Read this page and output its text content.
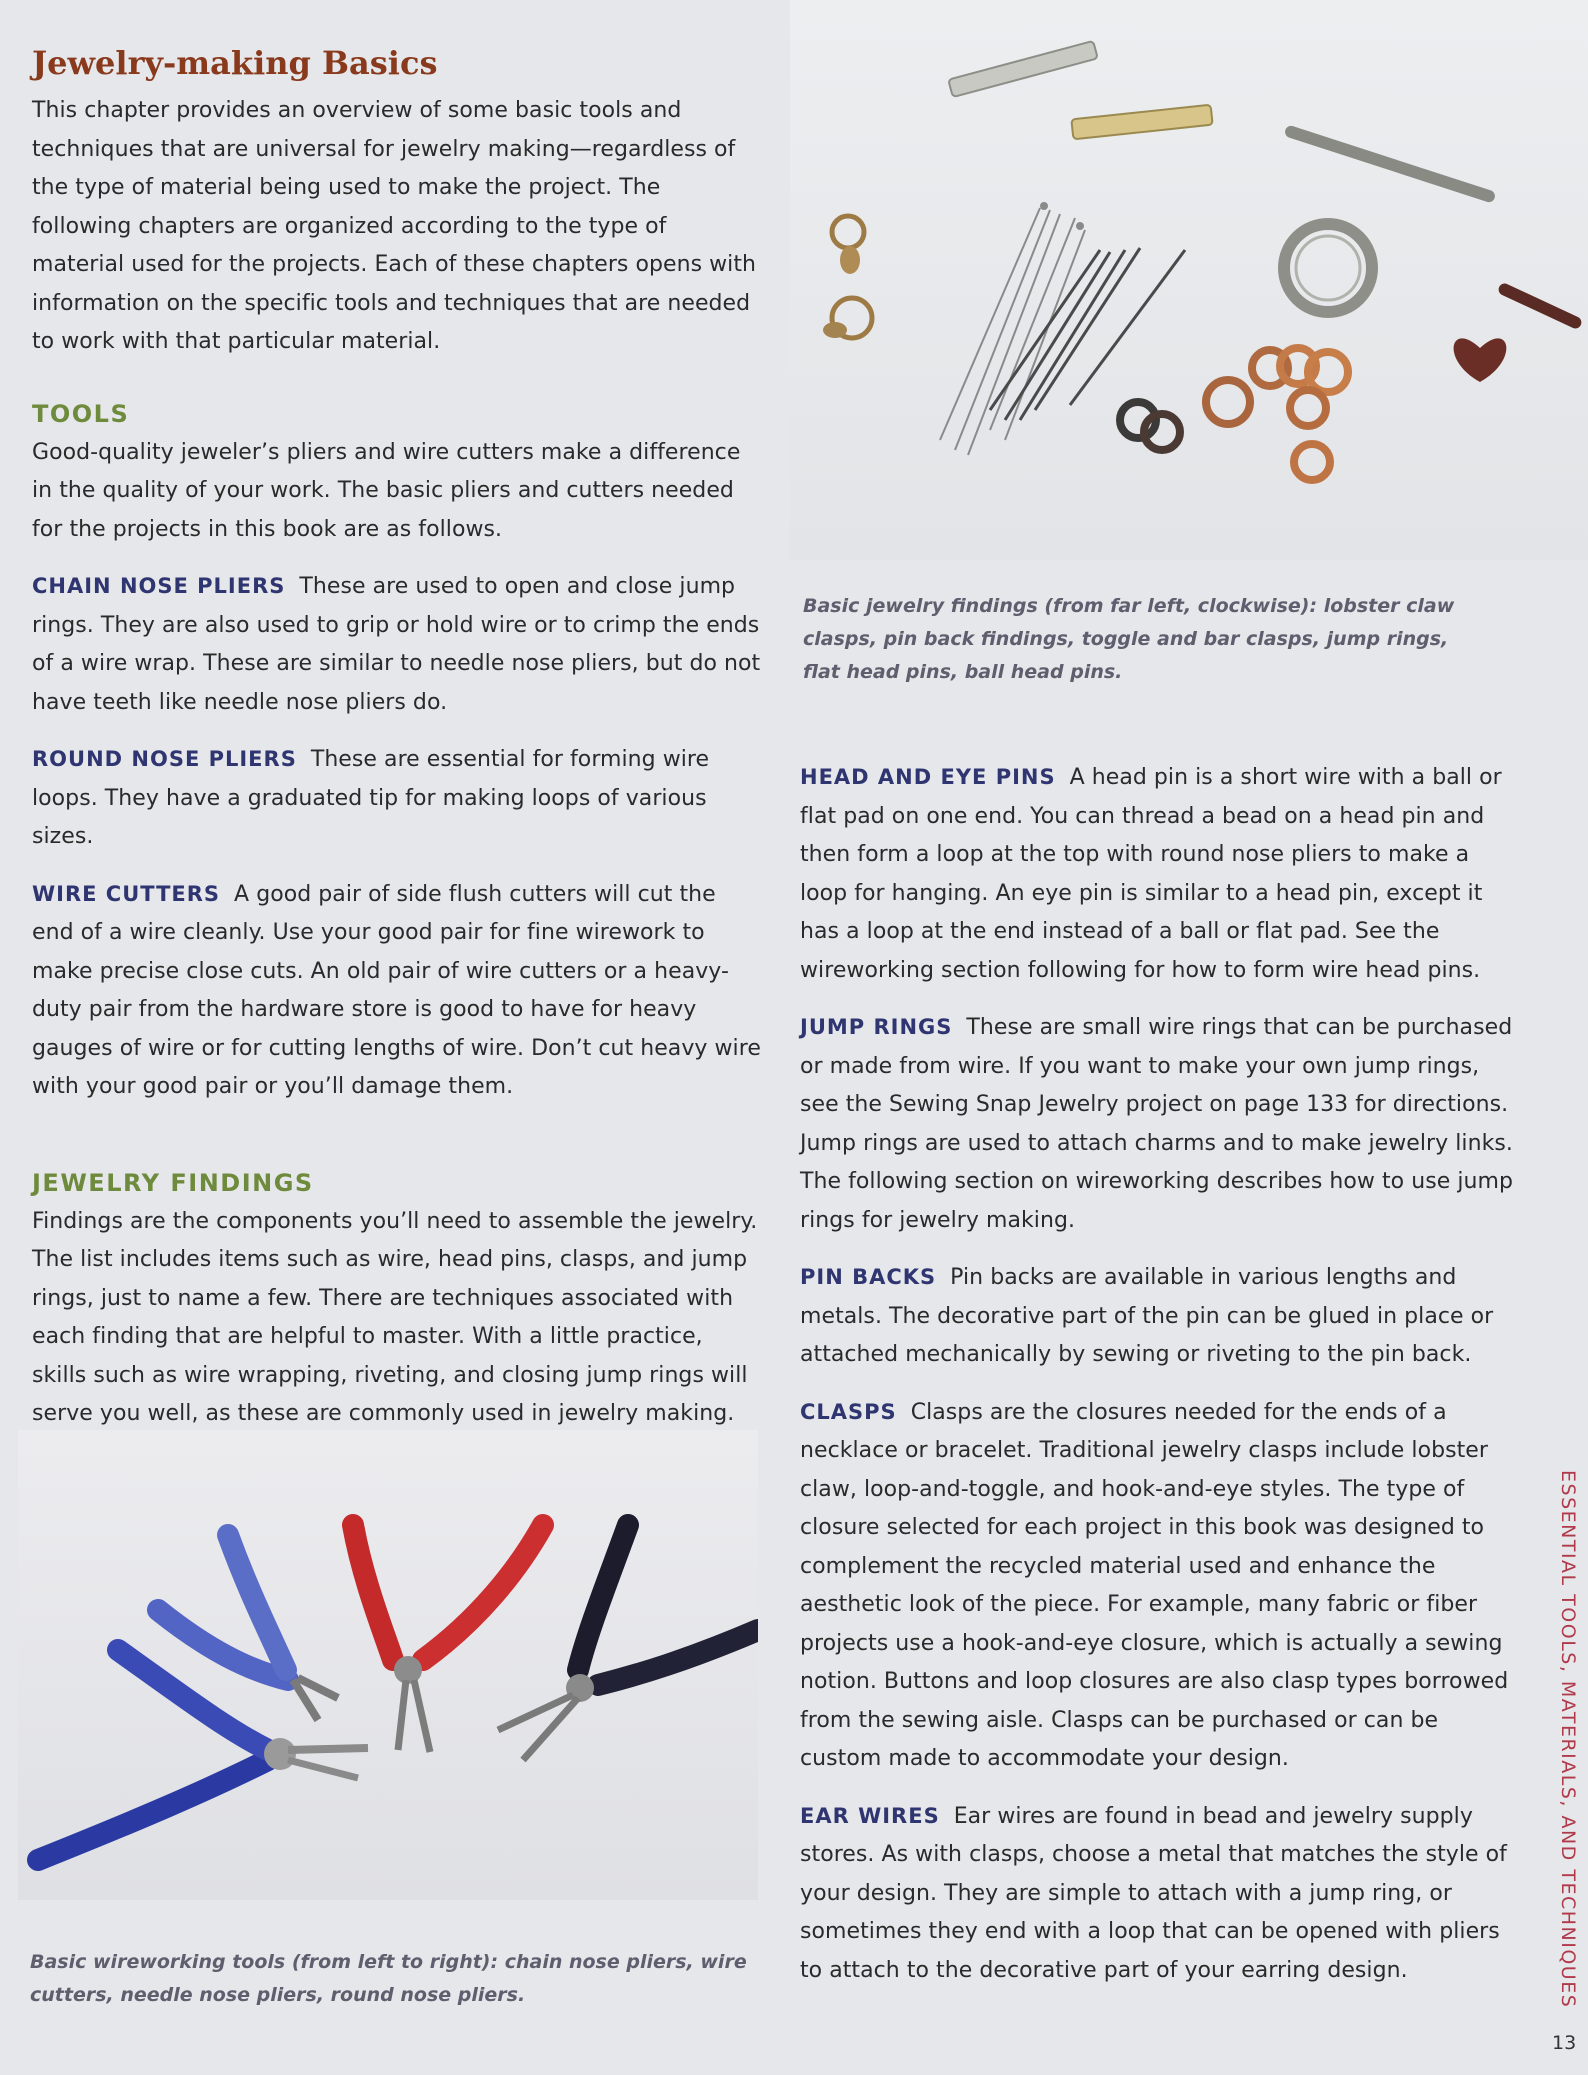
Jewelry-making Basics

This chapter provides an overview of some basic tools and techniques that are universal for jewelry making—regardless of the type of material being used to make the project. The following chapters are organized according to the type of material used for the projects. Each of these chapters opens with information on the specific tools and techniques that are needed to work with that particular material.

TOOLS

Good-quality jeweler’s pliers and wire cutters make a difference in the quality of your work. The basic pliers and cutters needed for the projects in this book are as follows.

CHAIN NOSE PLIERS These are used to open and close jump rings. They are also used to grip or hold wire or to crimp the ends of a wire wrap. These are similar to needle nose pliers, but do not have teeth like needle nose pliers do.

ROUND NOSE PLIERS These are essential for forming wire loops. They have a graduated tip for making loops of various sizes.

WIRE CUTTERS A good pair of side flush cutters will cut the end of a wire cleanly. Use your good pair for fine wirework to make precise close cuts. An old pair of wire cutters or a heavy-duty pair from the hardware store is good to have for heavy gauges of wire or for cutting lengths of wire. Don’t cut heavy wire with your good pair or you’ll damage them.

JEWELRY FINDINGS

Findings are the components you’ll need to assemble the jewelry. The list includes items such as wire, head pins, clasps, and jump rings, just to name a few. There are techniques associated with each finding that are helpful to master. With a little practice, skills such as wire wrapping, riveting, and closing jump rings will serve you well, as these are commonly used in jewelry making.

Basic jewelry findings (from far left, clockwise): lobster claw clasps, pin back findings, toggle and bar clasps, jump rings, flat head pins, ball head pins.

HEAD AND EYE PINS A head pin is a short wire with a ball or flat pad on one end. You can thread a bead on a head pin and then form a loop at the top with round nose pliers to make a loop for hanging. An eye pin is similar to a head pin, except it has a loop at the end instead of a ball or flat pad. See the wireworking section following for how to form wire head pins.

JUMP RINGS These are small wire rings that can be purchased or made from wire. If you want to make your own jump rings, see the Sewing Snap Jewelry project on page 133 for directions. Jump rings are used to attach charms and to make jewelry links. The following section on wireworking describes how to use jump rings for jewelry making.

PIN BACKS Pin backs are available in various lengths and metals. The decorative part of the pin can be glued in place or attached mechanically by sewing or riveting to the pin back.

CLASPS Clasps are the closures needed for the ends of a necklace or bracelet. Traditional jewelry clasps include lobster claw, loop-and-toggle, and hook-and-eye styles. The type of closure selected for each project in this book was designed to complement the recycled material used and enhance the aesthetic look of the piece. For example, many fabric or fiber projects use a hook-and-eye closure, which is actually a sewing notion. Buttons and loop closures are also clasp types borrowed from the sewing aisle. Clasps can be purchased or can be custom made to accommodate your design.

EAR WIRES Ear wires are found in bead and jewelry supply stores. As with clasps, choose a metal that matches the style of your design. They are simple to attach with a jump ring, or sometimes they end with a loop that can be opened with pliers to attach to the decorative part of your earring design.

Basic wireworking tools (from left to right): chain nose pliers, wire cutters, needle nose pliers, round nose pliers.	ESSENTIAL TOOLS, MATERIALS, AND TECHNIQUES
13
